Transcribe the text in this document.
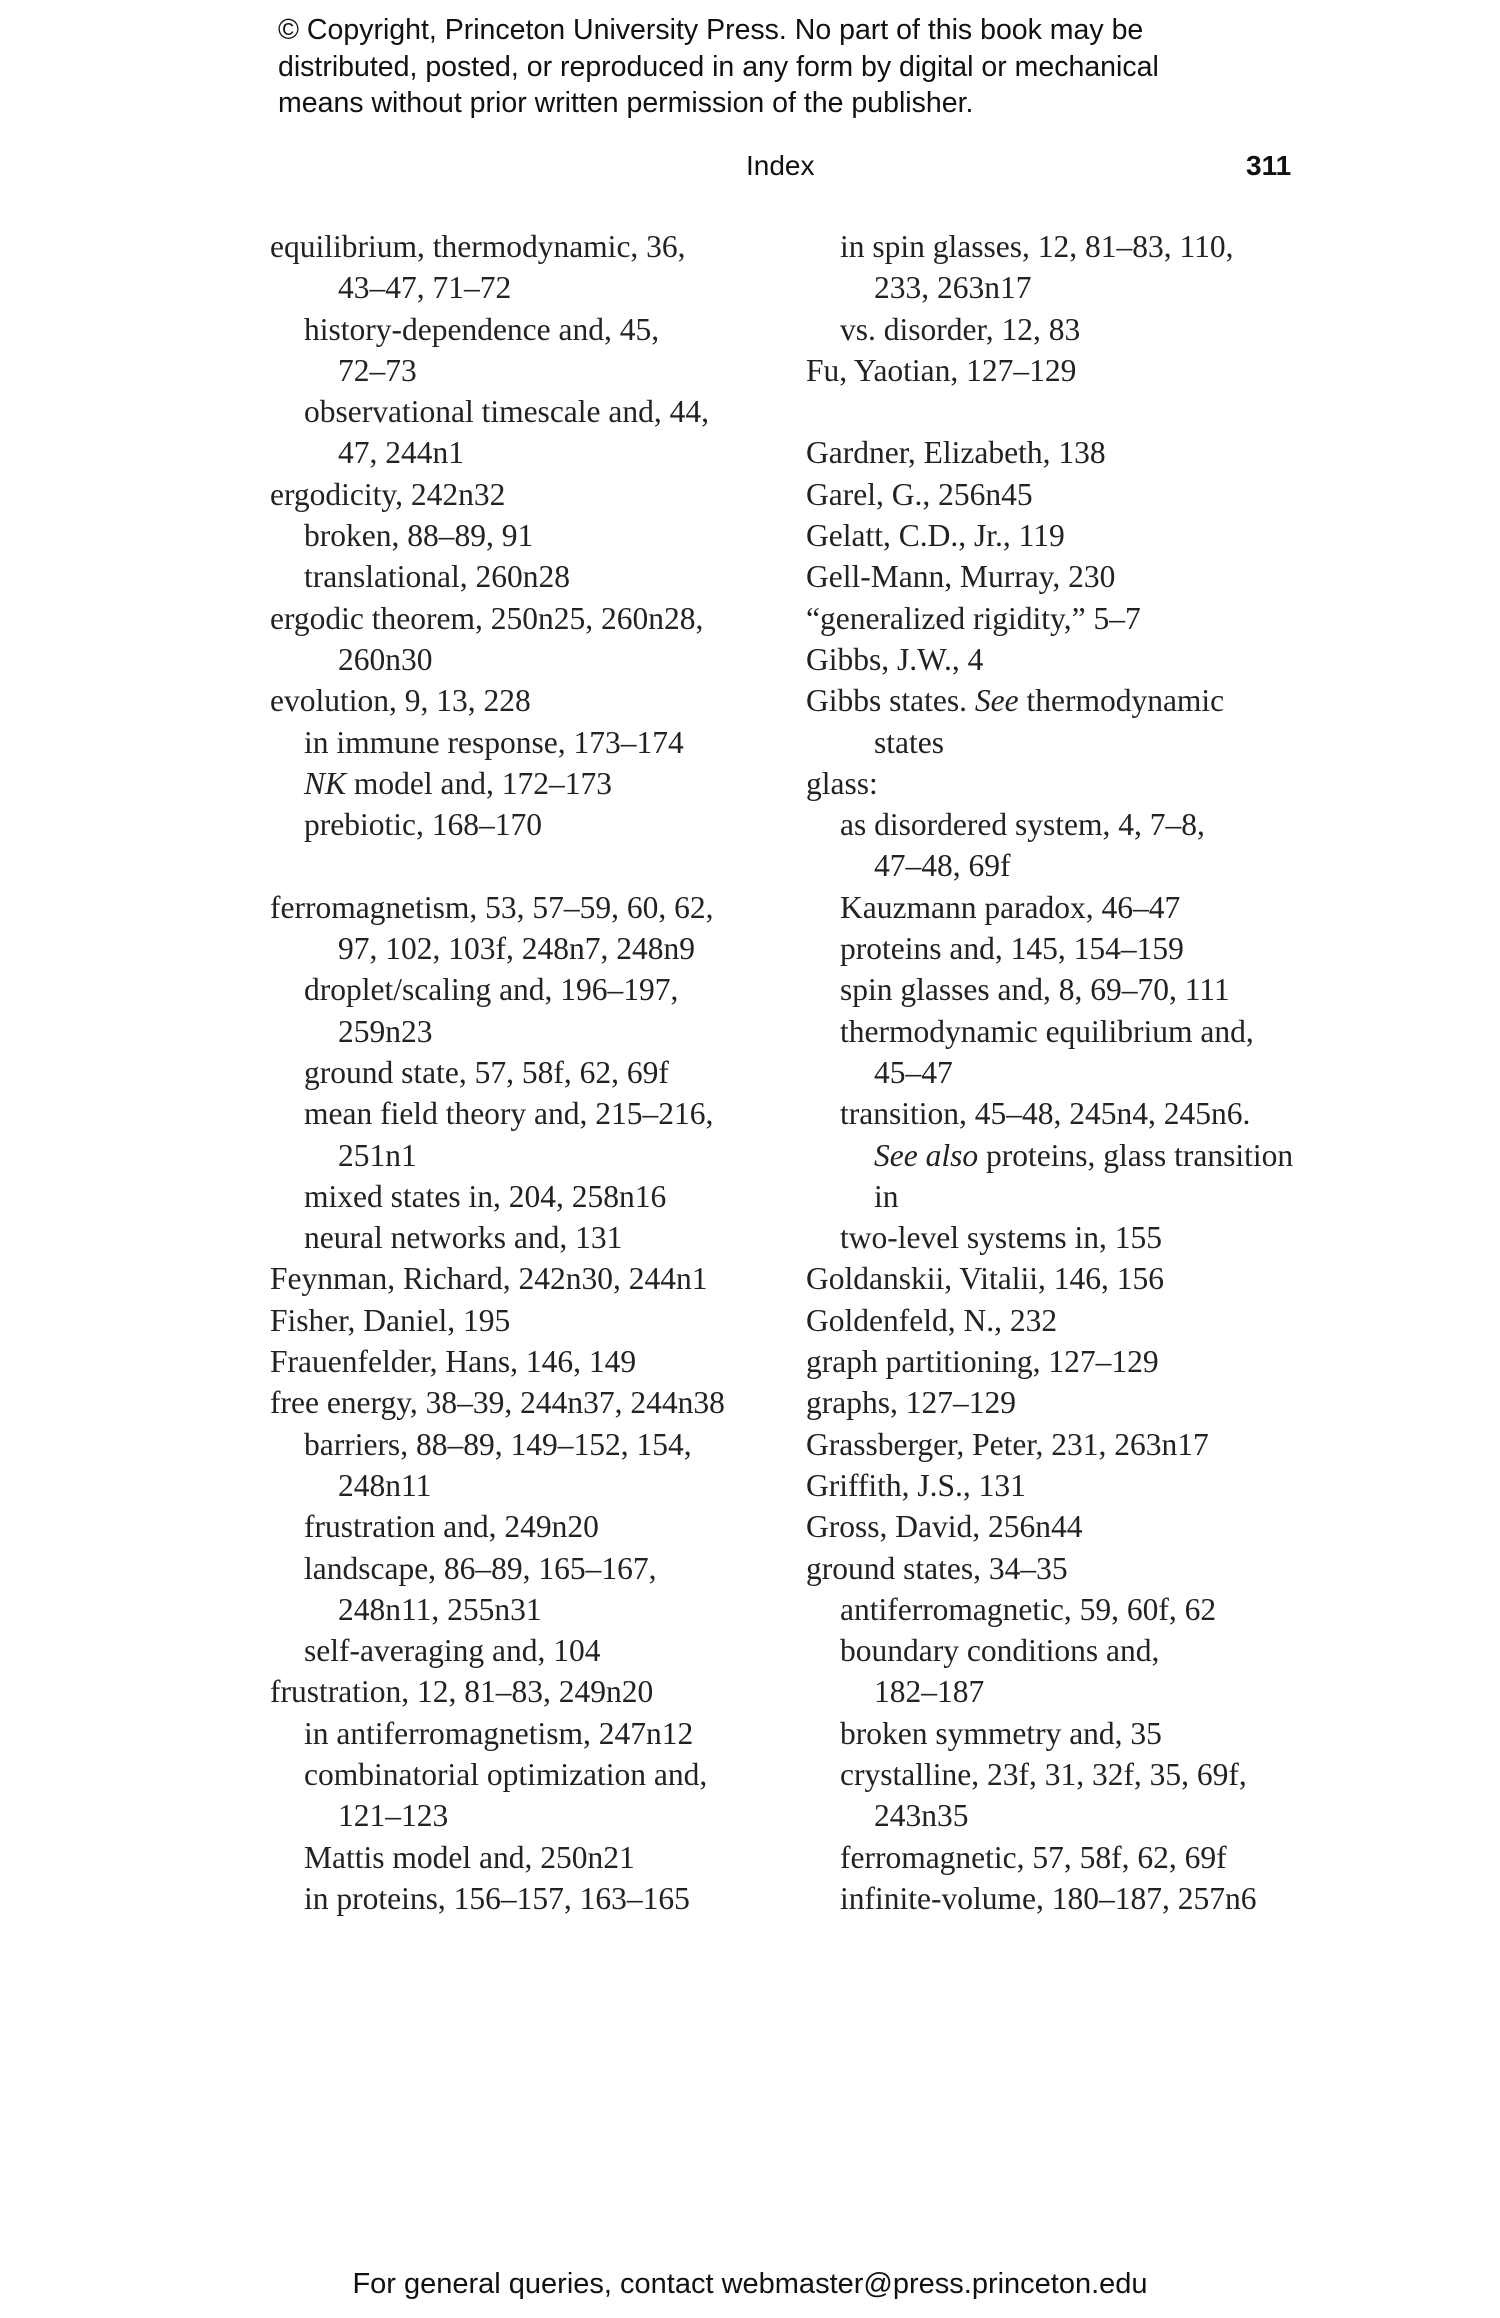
© Copyright, Princeton University Press. No part of this book may be
distributed, posted, or reproduced in any form by digital or mechanical
means without prior written permission of the publisher.
Index	311
equilibrium, thermodynamic, 36,
43–47, 71–72
history-dependence and, 45,
72–73
observational timescale and, 44,
47, 244n1
ergodicity, 242n32
broken, 88–89, 91
translational, 260n28
ergodic theorem, 250n25, 260n28,
260n30
evolution, 9, 13, 228
in immune response, 173–174
NK model and, 172–173
prebiotic, 168–170
ferromagnetism, 53, 57–59, 60, 62,
97, 102, 103f, 248n7, 248n9
droplet/scaling and, 196–197,
259n23
ground state, 57, 58f, 62, 69f
mean field theory and, 215–216,
251n1
mixed states in, 204, 258n16
neural networks and, 131
Feynman, Richard, 242n30, 244n1
Fisher, Daniel, 195
Frauenfelder, Hans, 146, 149
free energy, 38–39, 244n37, 244n38
barriers, 88–89, 149–152, 154,
248n11
frustration and, 249n20
landscape, 86–89, 165–167,
248n11, 255n31
self-averaging and, 104
frustration, 12, 81–83, 249n20
in antiferromagnetism, 247n12
combinatorial optimization and,
121–123
Mattis model and, 250n21
in proteins, 156–157, 163–165
in spin glasses, 12, 81–83, 110,
233, 263n17
vs. disorder, 12, 83
Fu, Yaotian, 127–129
Gardner, Elizabeth, 138
Garel, G., 256n45
Gelatt, C.D., Jr., 119
Gell-Mann, Murray, 230
“generalized rigidity,” 5–7
Gibbs, J.W., 4
Gibbs states. See thermodynamic
states
glass:
as disordered system, 4, 7–8,
47–48, 69f
Kauzmann paradox, 46–47
proteins and, 145, 154–159
spin glasses and, 8, 69–70, 111
thermodynamic equilibrium and,
45–47
transition, 45–48, 245n4, 245n6.
See also proteins, glass transition
in
two-level systems in, 155
Goldanskii, Vitalii, 146, 156
Goldenfeld, N., 232
graph partitioning, 127–129
graphs, 127–129
Grassberger, Peter, 231, 263n17
Griffith, J.S., 131
Gross, David, 256n44
ground states, 34–35
antiferromagnetic, 59, 60f, 62
boundary conditions and,
182–187
broken symmetry and, 35
crystalline, 23f, 31, 32f, 35, 69f,
243n35
ferromagnetic, 57, 58f, 62, 69f
infinite-volume, 180–187, 257n6
For general queries, contact webmaster@press.princeton.edu
